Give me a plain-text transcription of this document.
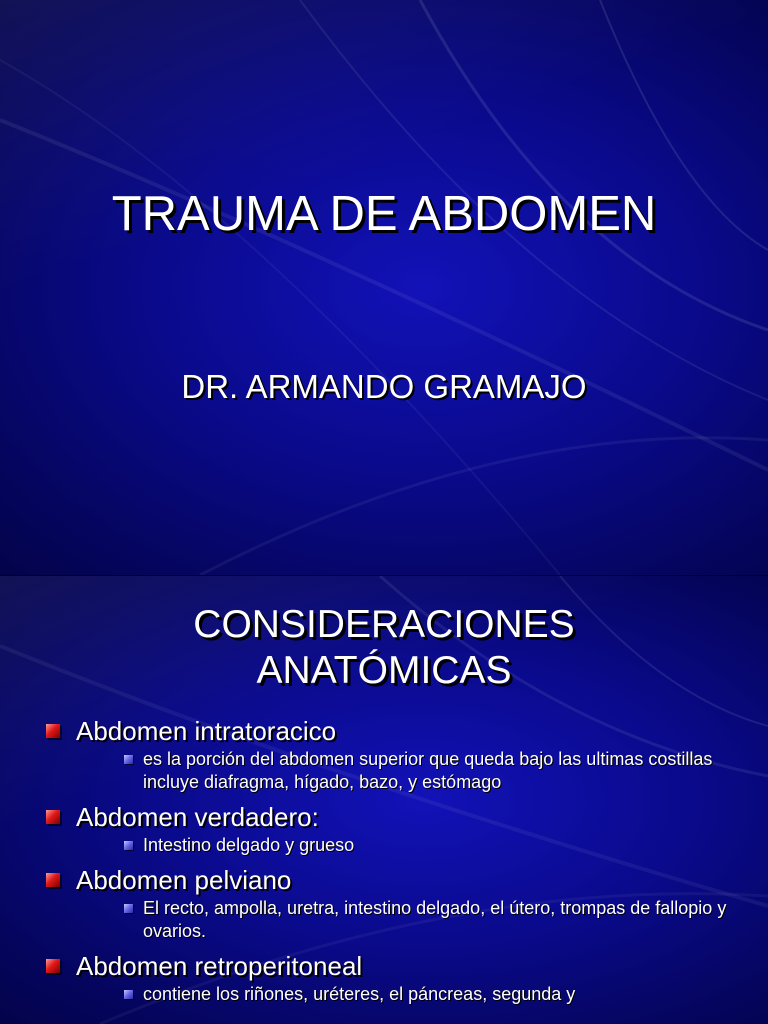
TRAUMA DE ABDOMEN
DR. ARMANDO GRAMAJO
CONSIDERACIONES
ANATÓMICAS
Abdomen intratoracico
es la porción del abdomen superior que queda bajo las ultimas costillas incluye diafragma, hígado, bazo, y estómago
Abdomen verdadero:
Intestino delgado y grueso
Abdomen pelviano
El recto, ampolla, uretra, intestino delgado, el útero, trompas de fallopio y ovarios.
Abdomen retroperitoneal
contiene los riñones, uréteres, el páncreas, segunda y
